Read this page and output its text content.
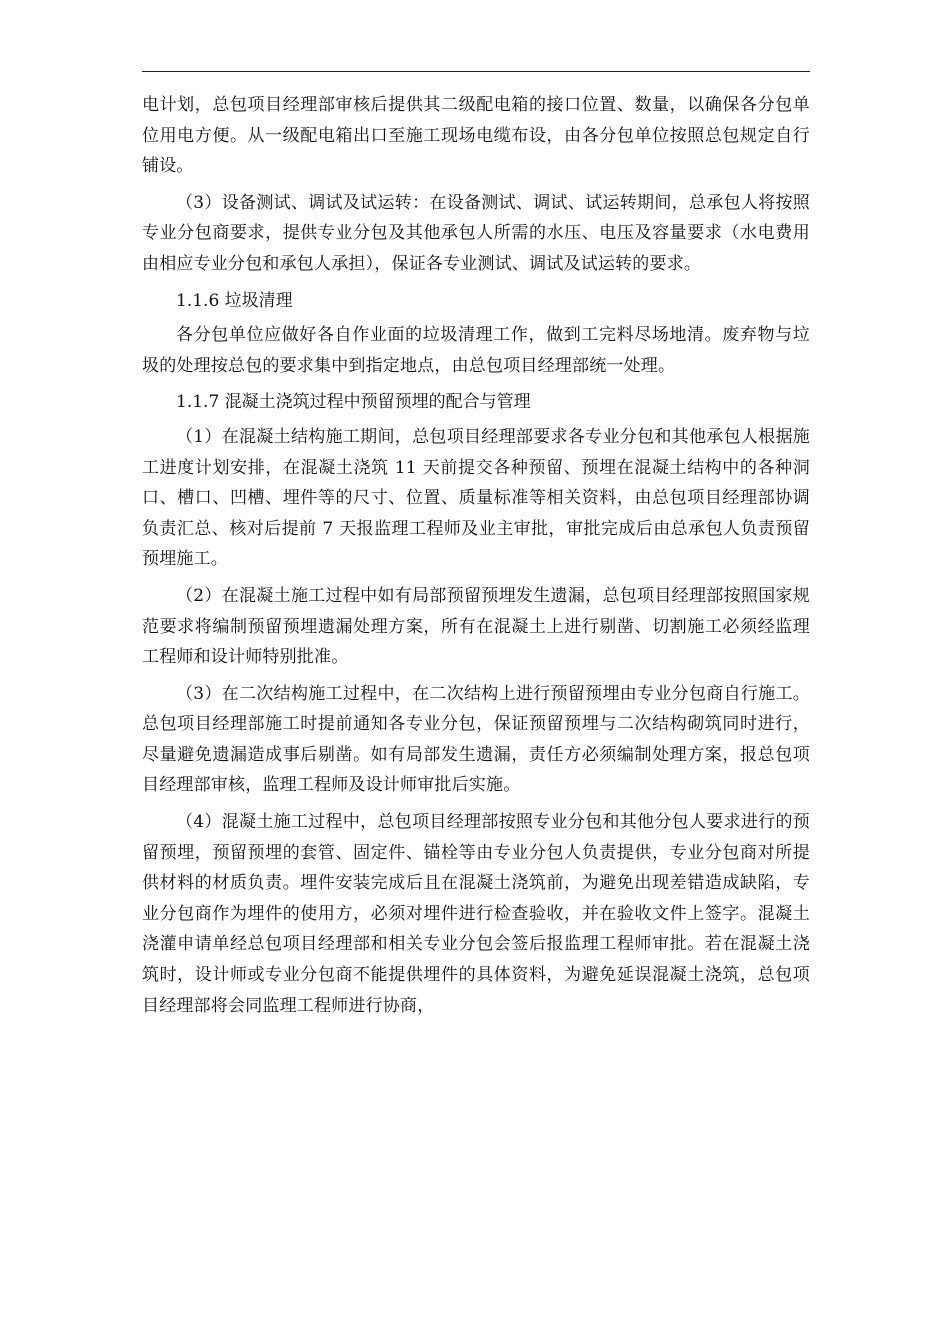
电计划，总包项目经理部审核后提供其二级配电箱的接口位置、数量，以确保各分包单位用电方便。从一级配电箱出口至施工现场电缆布设，由各分包单位按照总包规定自行铺设。

（3）设备测试、调试及试运转：在设备测试、调试、试运转期间，总承包人将按照专业分包商要求，提供专业分包及其他承包人所需的水压、电压及容量要求（水电费用由相应专业分包和承包人承担），保证各专业测试、调试及试运转的要求。

1.1.6 垃圾清理

各分包单位应做好各自作业面的垃圾清理工作，做到工完料尽场地清。废弃物与垃圾的处理按总包的要求集中到指定地点，由总包项目经理部统一处理。

1.1.7 混凝土浇筑过程中预留预埋的配合与管理

（1）在混凝土结构施工期间，总包项目经理部要求各专业分包和其他承包人根据施工进度计划安排，在混凝土浇筑 11 天前提交各种预留、预埋在混凝土结构中的各种洞口、槽口、凹槽、埋件等的尺寸、位置、质量标准等相关资料，由总包项目经理部协调负责汇总、核对后提前 7 天报监理工程师及业主审批，审批完成后由总承包人负责预留预埋施工。

（2）在混凝土施工过程中如有局部预留预埋发生遗漏，总包项目经理部按照国家规范要求将编制预留预埋遗漏处理方案，所有在混凝土上进行剔凿、切割施工必须经监理工程师和设计师特别批准。

（3）在二次结构施工过程中，在二次结构上进行预留预埋由专业分包商自行施工。总包项目经理部施工时提前通知各专业分包，保证预留预埋与二次结构砌筑同时进行，尽量避免遗漏造成事后剔凿。如有局部发生遗漏，责任方必须编制处理方案，报总包项目经理部审核，监理工程师及设计师审批后实施。

（4）混凝土施工过程中，总包项目经理部按照专业分包和其他分包人要求进行的预留预埋，预留预埋的套管、固定件、锚栓等由专业分包人负责提供，专业分包商对所提供材料的材质负责。埋件安装完成后且在混凝土浇筑前，为避免出现差错造成缺陷，专业分包商作为埋件的使用方，必须对埋件进行检查验收，并在验收文件上签字。混凝土浇灌申请单经总包项目经理部和相关专业分包会签后报监理工程师审批。若在混凝土浇筑时，设计师或专业分包商不能提供埋件的具体资料，为避免延误混凝土浇筑，总包项目经理部将会同监理工程师进行协商，
